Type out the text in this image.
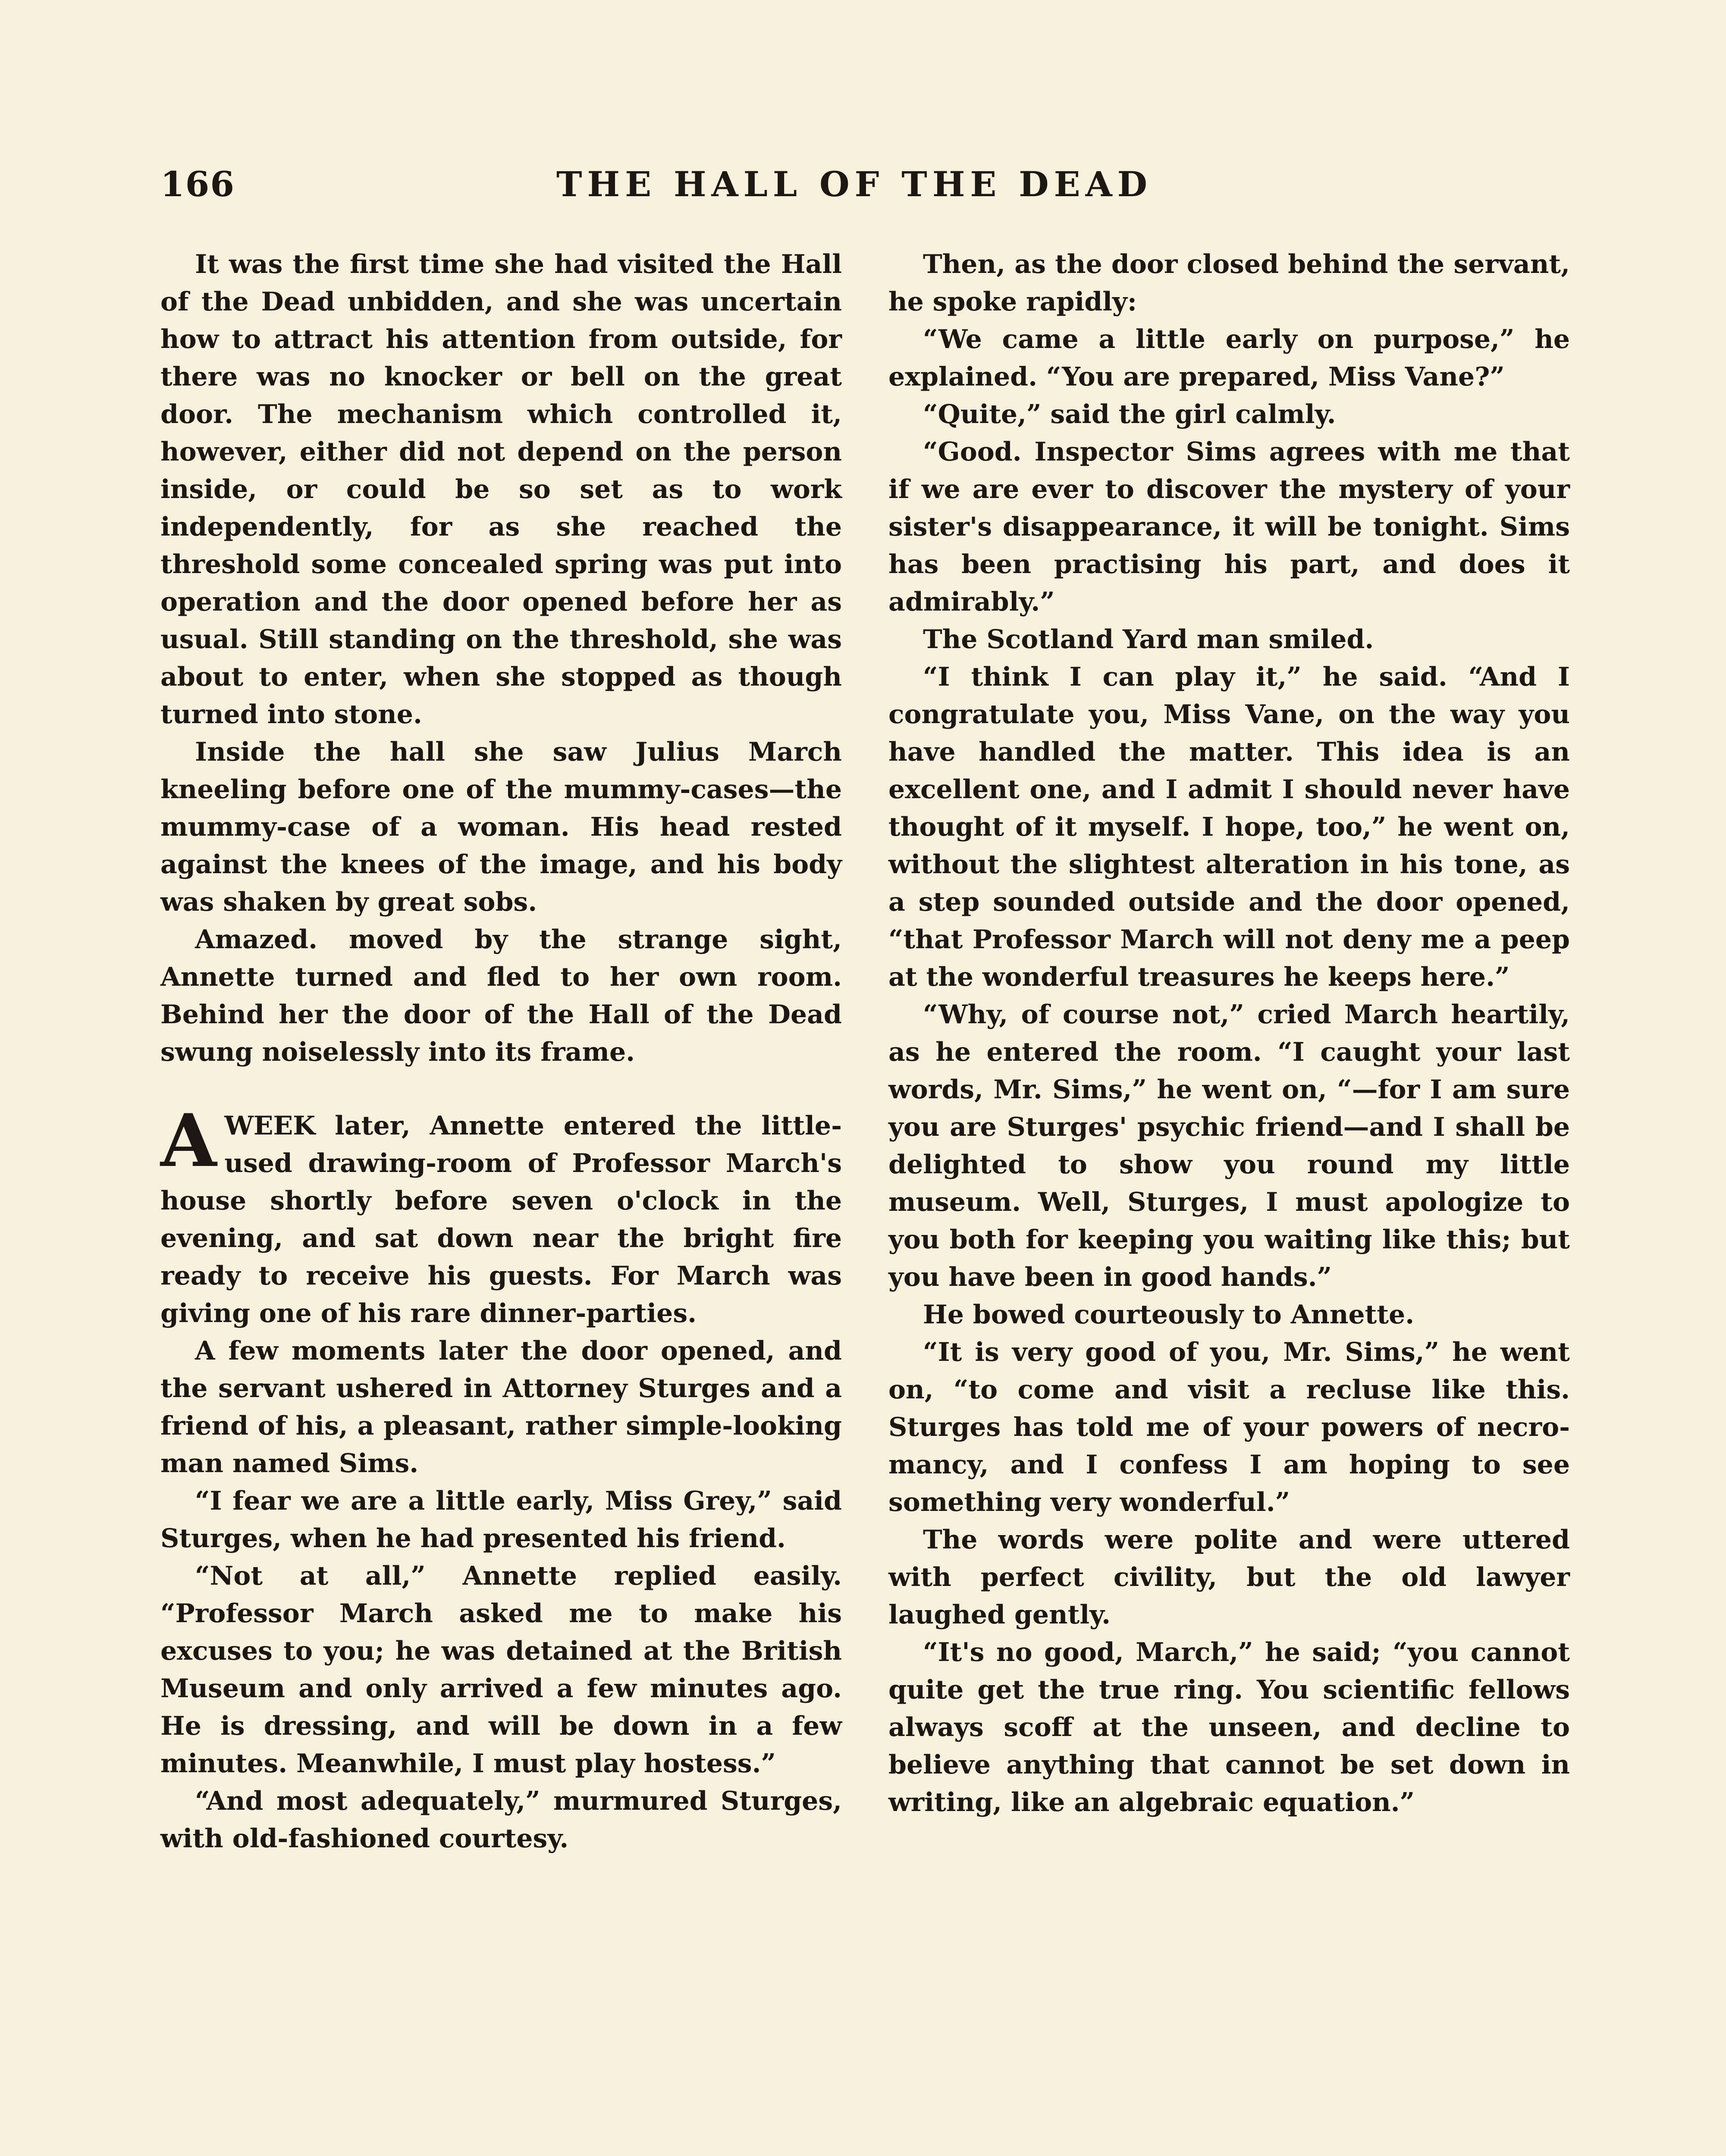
166	THE HALL OF THE DEAD

It was the first time she had visited the Hall of the Dead unbidden, and she was uncertain how to attract his attention from outside, for there was no knocker or bell on the great door. The mechanism which controlled it, however, either did not depend on the person inside, or could be so set as to work independently, for as she reached the threshold some concealed spring was put into operation and the door opened before her as usual. Still standing on the threshold, she was about to enter, when she stopped as though turned into stone.

Inside the hall she saw Julius March kneeling before one of the mummy-cases—the mummy-case of a woman. His head rested against the knees of the image, and his body was shaken by great sobs.

Amazed. moved by the strange sight, Annette turned and fled to her own room. Behind her the door of the Hall of the Dead swung noiselessly into its frame.

AWEEK later, Annette entered the little-used drawing-room of Professor March's house shortly before seven o'clock in the evening, and sat down near the bright fire ready to receive his guests. For March was giving one of his rare dinner-parties.

A few moments later the door opened, and the servant ushered in Attorney Sturges and a friend of his, a pleasant, rather simple-looking man named Sims.

“I fear we are a little early, Miss Grey,” said Sturges, when he had presented his friend.

“Not at all,” Annette replied easily. “Professor March asked me to make his excuses to you; he was detained at the British Museum and only arrived a few minutes ago. He is dressing, and will be down in a few minutes. Meanwhile, I must play hostess.”

“And most adequately,” murmured Sturges, with old-fashioned courtesy.

Then, as the door closed behind the servant, he spoke rapidly:

“We came a little early on purpose,” he explained. “You are prepared, Miss Vane?”

“Quite,” said the girl calmly.

“Good. Inspector Sims agrees with me that if we are ever to discover the mystery of your sister's disappearance, it will be tonight. Sims has been practising his part, and does it admirably.”

The Scotland Yard man smiled.

“I think I can play it,” he said. “And I congratulate you, Miss Vane, on the way you have handled the matter. This idea is an excellent one, and I admit I should never have thought of it myself. I hope, too,” he went on, without the slightest alteration in his tone, as a step sounded outside and the door opened, “that Professor March will not deny me a peep at the wonderful treasures he keeps here.”

“Why, of course not,” cried March heartily, as he entered the room. “I caught your last words, Mr. Sims,” he went on, “—for I am sure you are Sturges' psychic friend—and I shall be delighted to show you round my little museum. Well, Sturges, I must apologize to you both for keeping you waiting like this; but you have been in good hands.”

He bowed courteously to Annette.

“It is very good of you, Mr. Sims,” he went on, “to come and visit a recluse like this. Sturges has told me of your powers of necromancy, and I confess I am hoping to see something very wonderful.”

The words were polite and were uttered with perfect civility, but the old lawyer laughed gently.

“It's no good, March,” he said; “you cannot quite get the true ring. You scientific fellows always scoff at the unseen, and decline to believe anything that cannot be set down in writing, like an algebraic equation.”
